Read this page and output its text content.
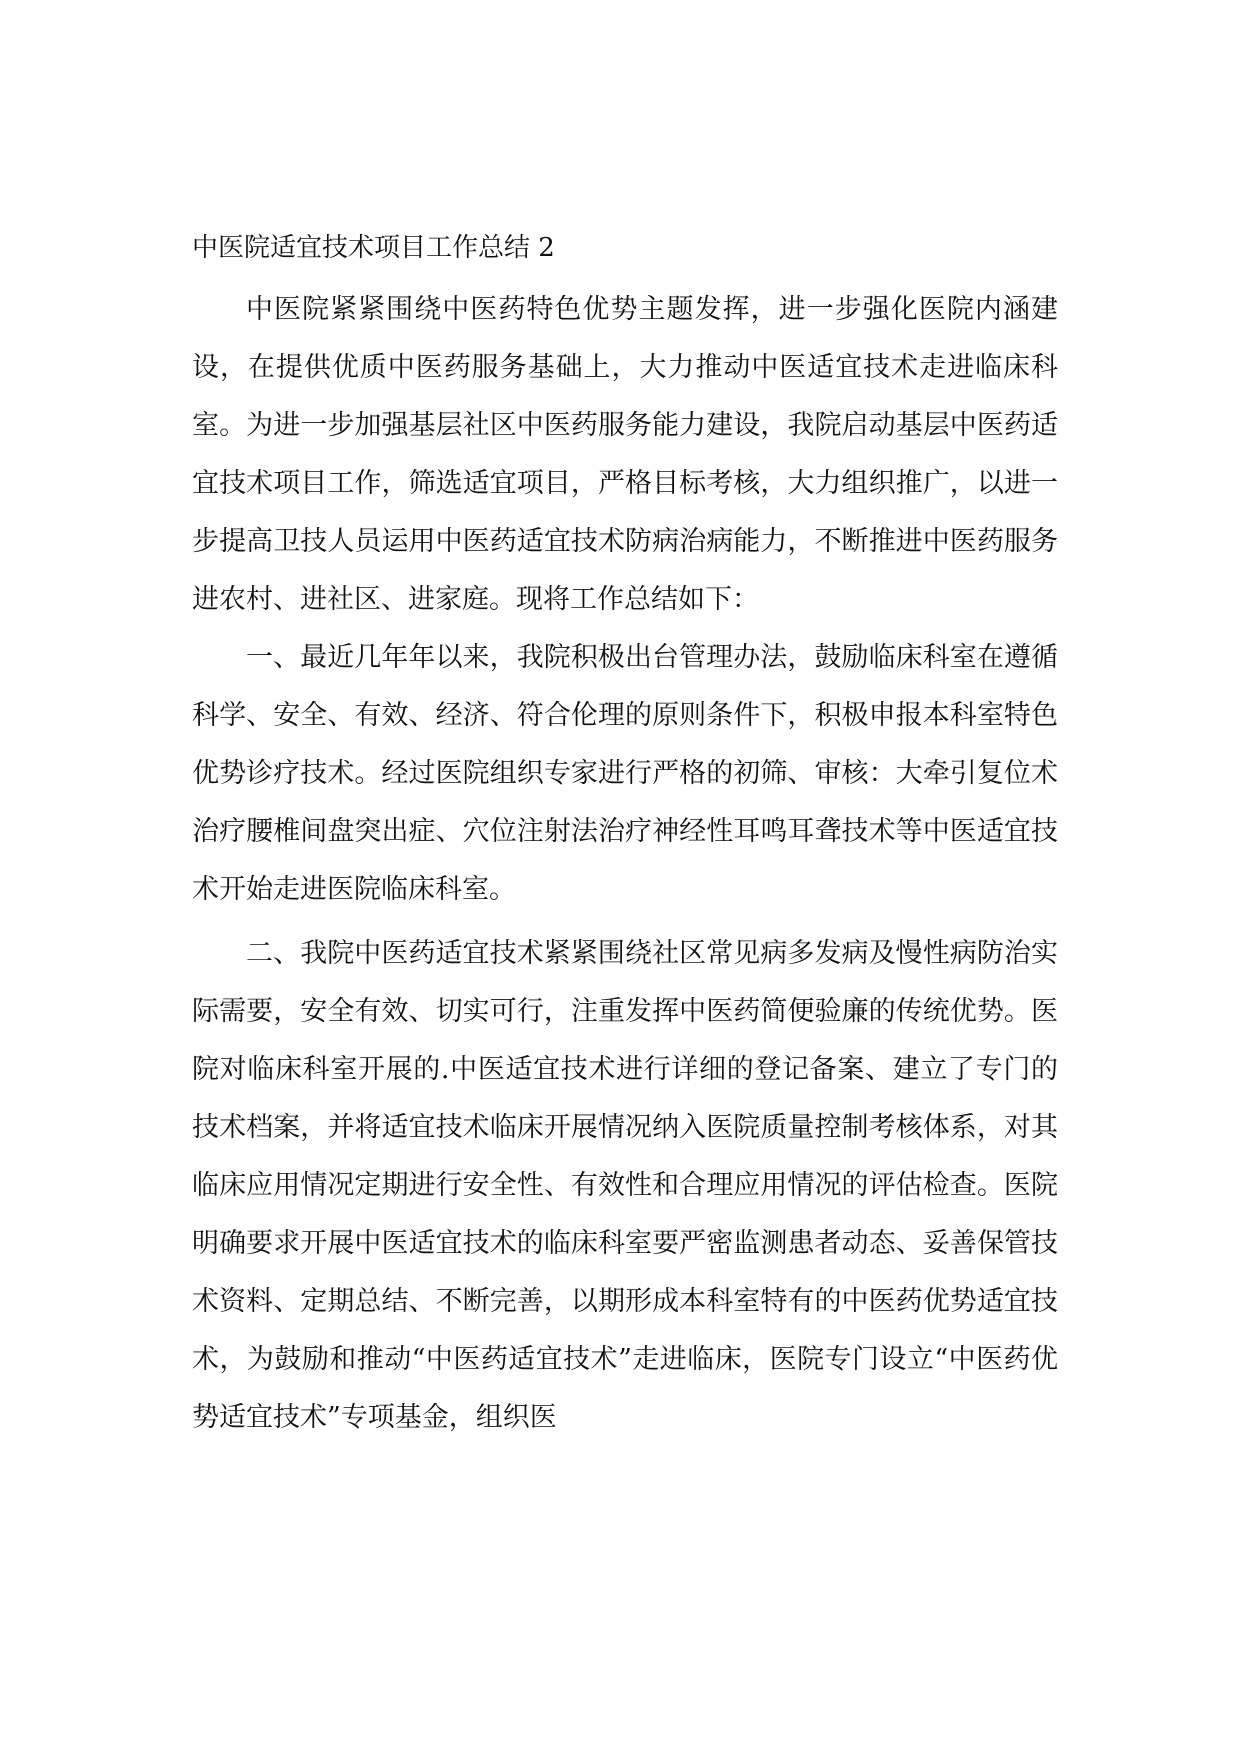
中医院适宜技术项目工作总结 2

中医院紧紧围绕中医药特色优势主题发挥，进一步强化医院内涵建设，在提供优质中医药服务基础上，大力推动中医适宜技术走进临床科室。为进一步加强基层社区中医药服务能力建设，我院启动基层中医药适宜技术项目工作，筛选适宜项目，严格目标考核，大力组织推广，以进一步提高卫技人员运用中医药适宜技术防病治病能力，不断推进中医药服务进农村、进社区、进家庭。现将工作总结如下：

一、最近几年年以来，我院积极出台管理办法，鼓励临床科室在遵循科学、安全、有效、经济、符合伦理的原则条件下，积极申报本科室特色优势诊疗技术。经过医院组织专家进行严格的初筛、审核：大牵引复位术治疗腰椎间盘突出症、穴位注射法治疗神经性耳鸣耳聋技术等中医适宜技术开始走进医院临床科室。

二、我院中医药适宜技术紧紧围绕社区常见病多发病及慢性病防治实际需要，安全有效、切实可行，注重发挥中医药简便验廉的传统优势。医院对临床科室开展的.中医适宜技术进行详细的登记备案、建立了专门的技术档案，并将适宜技术临床开展情况纳入医院质量控制考核体系，对其临床应用情况定期进行安全性、有效性和合理应用情况的评估检查。医院明确要求开展中医适宜技术的临床科室要严密监测患者动态、妥善保管技术资料、定期总结、不断完善，以期形成本科室特有的中医药优势适宜技术，为鼓励和推动“中医药适宜技术”走进临床，医院专门设立“中医药优势适宜技术”专项基金，组织医
